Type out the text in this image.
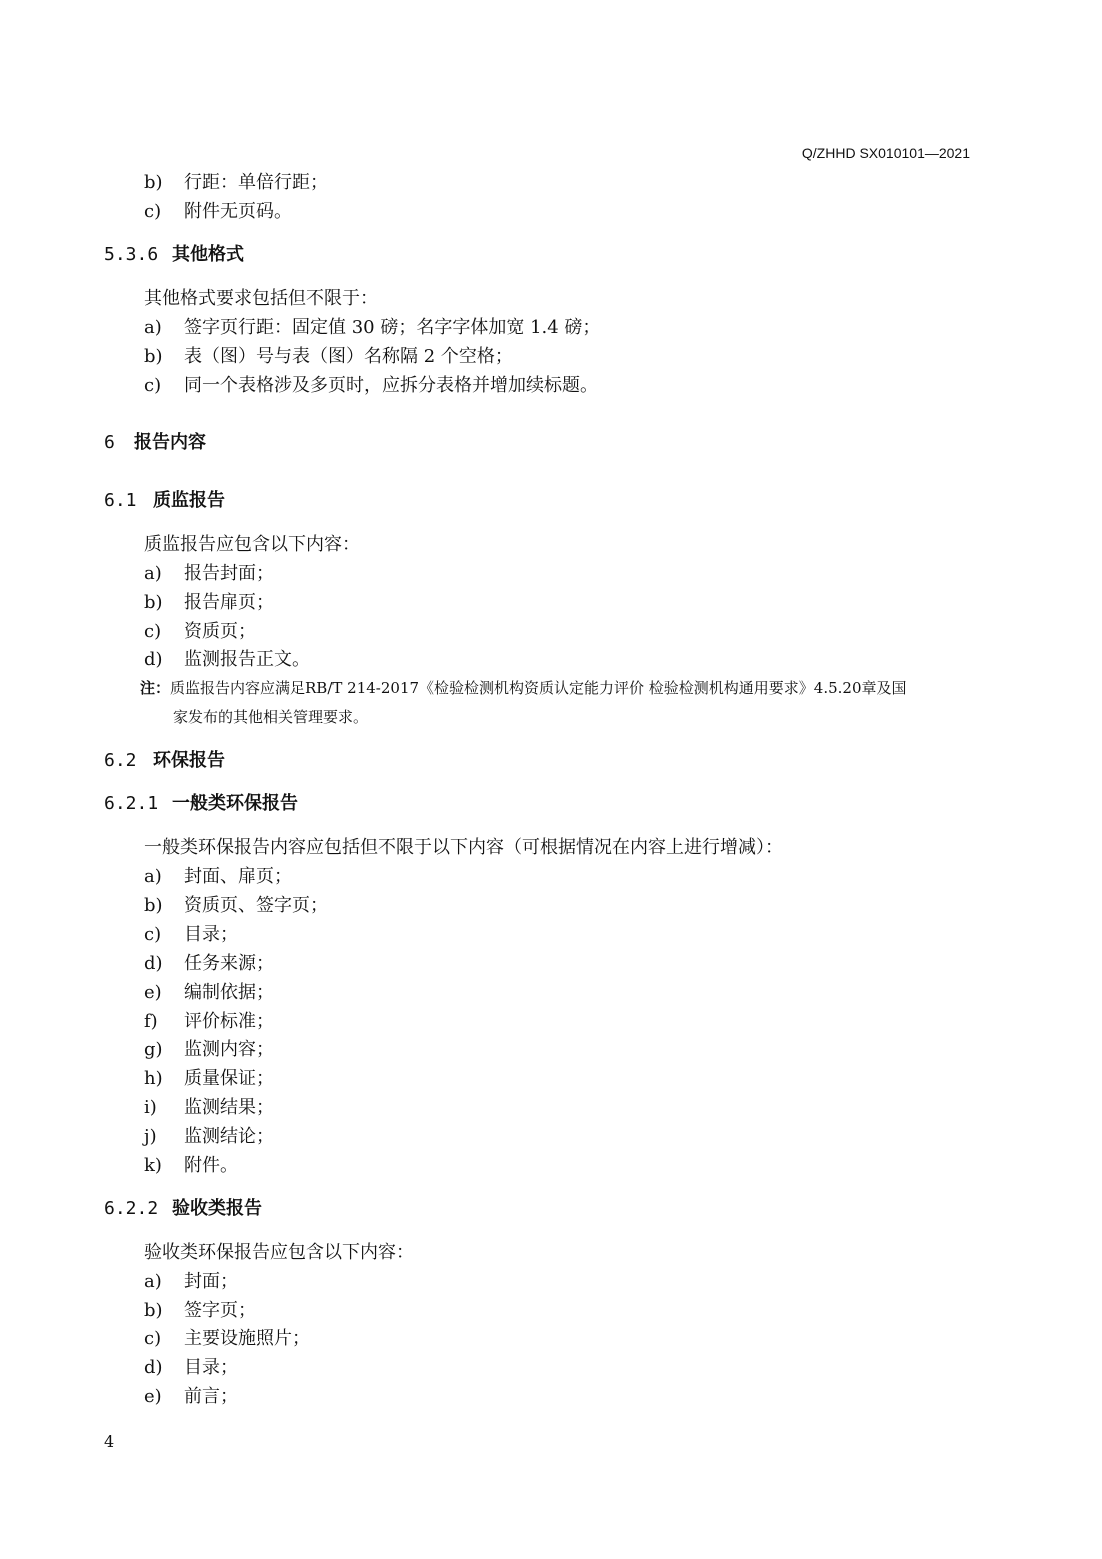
Q/ZHHD SX010101—2021
b) 行距：单倍行距；
c) 附件无页码。
5.3.6 其他格式
其他格式要求包括但不限于：
a) 签字页行距：固定值 30 磅；名字字体加宽 1.4 磅；
b) 表（图）号与表（图）名称隔 2 个空格；
c) 同一个表格涉及多页时，应拆分表格并增加续标题。
6 报告内容
6.1 质监报告
质监报告应包含以下内容：
a) 报告封面；
b) 报告扉页；
c) 资质页；
d) 监测报告正文。
注：质监报告内容应满足RB/T 214-2017《检验检测机构资质认定能力评价 检验检测机构通用要求》4.5.20章及国
家发布的其他相关管理要求。
6.2 环保报告
6.2.1 一般类环保报告
一般类环保报告内容应包括但不限于以下内容（可根据情况在内容上进行增减）：
a) 封面、扉页；
b) 资质页、签字页；
c) 目录；
d) 任务来源；
e) 编制依据；
f) 评价标准；
g) 监测内容；
h) 质量保证；
i) 监测结果；
j) 监测结论；
k) 附件。
6.2.2 验收类报告
验收类环保报告应包含以下内容：
a) 封面；
b) 签字页；
c) 主要设施照片；
d) 目录；
e) 前言；
4
